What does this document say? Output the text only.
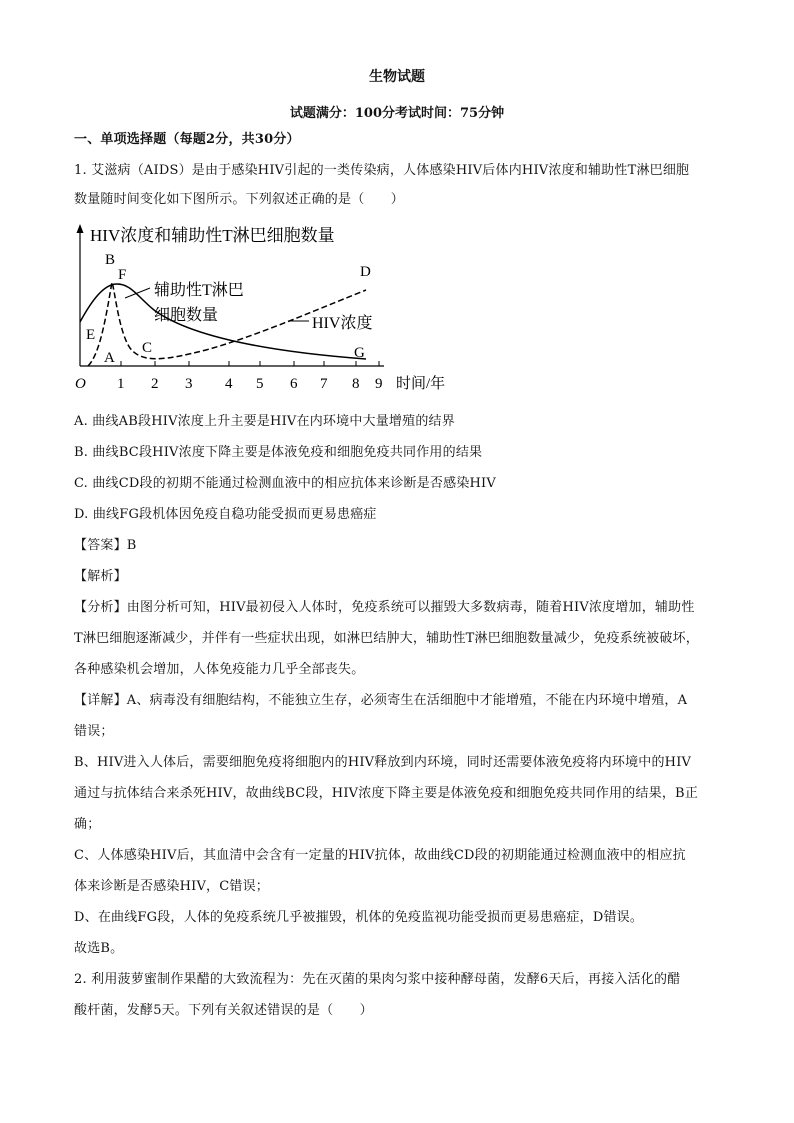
生物试题
试题满分：100分考试时间：75分钟
一、单项选择题（每题2分，共30分）
1. 艾滋病（AIDS）是由于感染HIV引起的一类传染病，人体感染HIV后体内HIV浓度和辅助性T淋巴细胞
数量随时间变化如下图所示。下列叙述正确的是（　　）
HIV浓度和辅助性T淋巴细胞数量
O 1 2 3 4 5 6 7 8 9 时间/年
辅助性T淋巴
细胞数量	HIV浓度
A
B
C
D
E
F
G
A. 曲线AB段HIV浓度上升主要是HIV在内环境中大量增殖的结界
B. 曲线BC段HIV浓度下降主要是体液免疫和细胞免疫共同作用的结果
C. 曲线CD段的初期不能通过检测血液中的相应抗体来诊断是否感染HIV
D. 曲线FG段机体因免疫自稳功能受损而更易患癌症
【答案】B
【解析】
【分析】由图分析可知，HIV最初侵入人体时，免疫系统可以摧毁大多数病毒，随着HIV浓度增加，辅助性
T淋巴细胞逐渐减少，并伴有一些症状出现，如淋巴结肿大，辅助性T淋巴细胞数量减少，免疫系统被破坏，
各种感染机会增加，人体免疫能力几乎全部丧失。
【详解】A、病毒没有细胞结构，不能独立生存，必须寄生在活细胞中才能增殖，不能在内环境中增殖，A
错误；
B、HIV进入人体后，需要细胞免疫将细胞内的HIV释放到内环境，同时还需要体液免疫将内环境中的HIV
通过与抗体结合来杀死HIV，故曲线BC段，HIV浓度下降主要是体液免疫和细胞免疫共同作用的结果，B正
确；
C、人体感染HIV后，其血清中会含有一定量的HIV抗体，故曲线CD段的初期能通过检测血液中的相应抗
体来诊断是否感染HIV，C错误；
D、在曲线FG段，人体的免疫系统几乎被摧毁，机体的免疫监视功能受损而更易患癌症，D错误。
故选B。
2. 利用菠萝蜜制作果醋的大致流程为：先在灭菌的果肉匀浆中接种酵母菌，发酵6天后，再接入活化的醋
酸杆菌，发酵5天。下列有关叙述错误的是（　　）
